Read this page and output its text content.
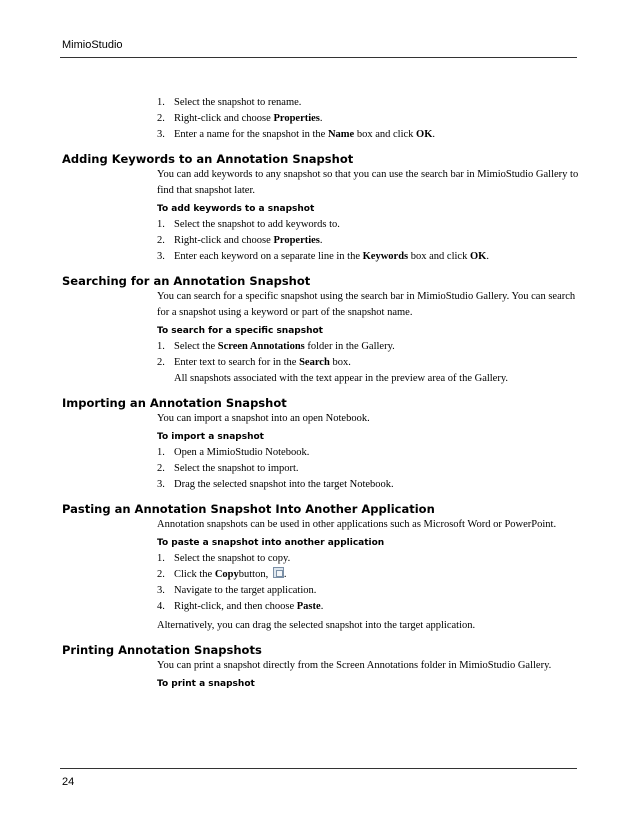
MimioStudio
1. Select the snapshot to rename.
2. Right-click and choose Properties.
3. Enter a name for the snapshot in the Name box and click OK.
Adding Keywords to an Annotation Snapshot
You can add keywords to any snapshot so that you can use the search bar in MimioStudio Gallery to find that snapshot later.
To add keywords to a snapshot
1. Select the snapshot to add keywords to.
2. Right-click and choose Properties.
3. Enter each keyword on a separate line in the Keywords box and click OK.
Searching for an Annotation Snapshot
You can search for a specific snapshot using the search bar in MimioStudio Gallery. You can search for a snapshot using a keyword or part of the snapshot name.
To search for a specific snapshot
1. Select the Screen Annotations folder in the Gallery.
2. Enter text to search for in the Search box.
All snapshots associated with the text appear in the preview area of the Gallery.
Importing an Annotation Snapshot
You can import a snapshot into an open Notebook.
To import a snapshot
1. Open a MimioStudio Notebook.
2. Select the snapshot to import.
3. Drag the selected snapshot into the target Notebook.
Pasting an Annotation Snapshot Into Another Application
Annotation snapshots can be used in other applications such as Microsoft Word or PowerPoint.
To paste a snapshot into another application
1. Select the snapshot to copy.
2. Click the Copybutton, .
3. Navigate to the target application.
4. Right-click, and then choose Paste.
Alternatively, you can drag the selected snapshot into the target application.
Printing Annotation Snapshots
You can print a snapshot directly from the Screen Annotations folder in MimioStudio Gallery.
To print a snapshot
24
